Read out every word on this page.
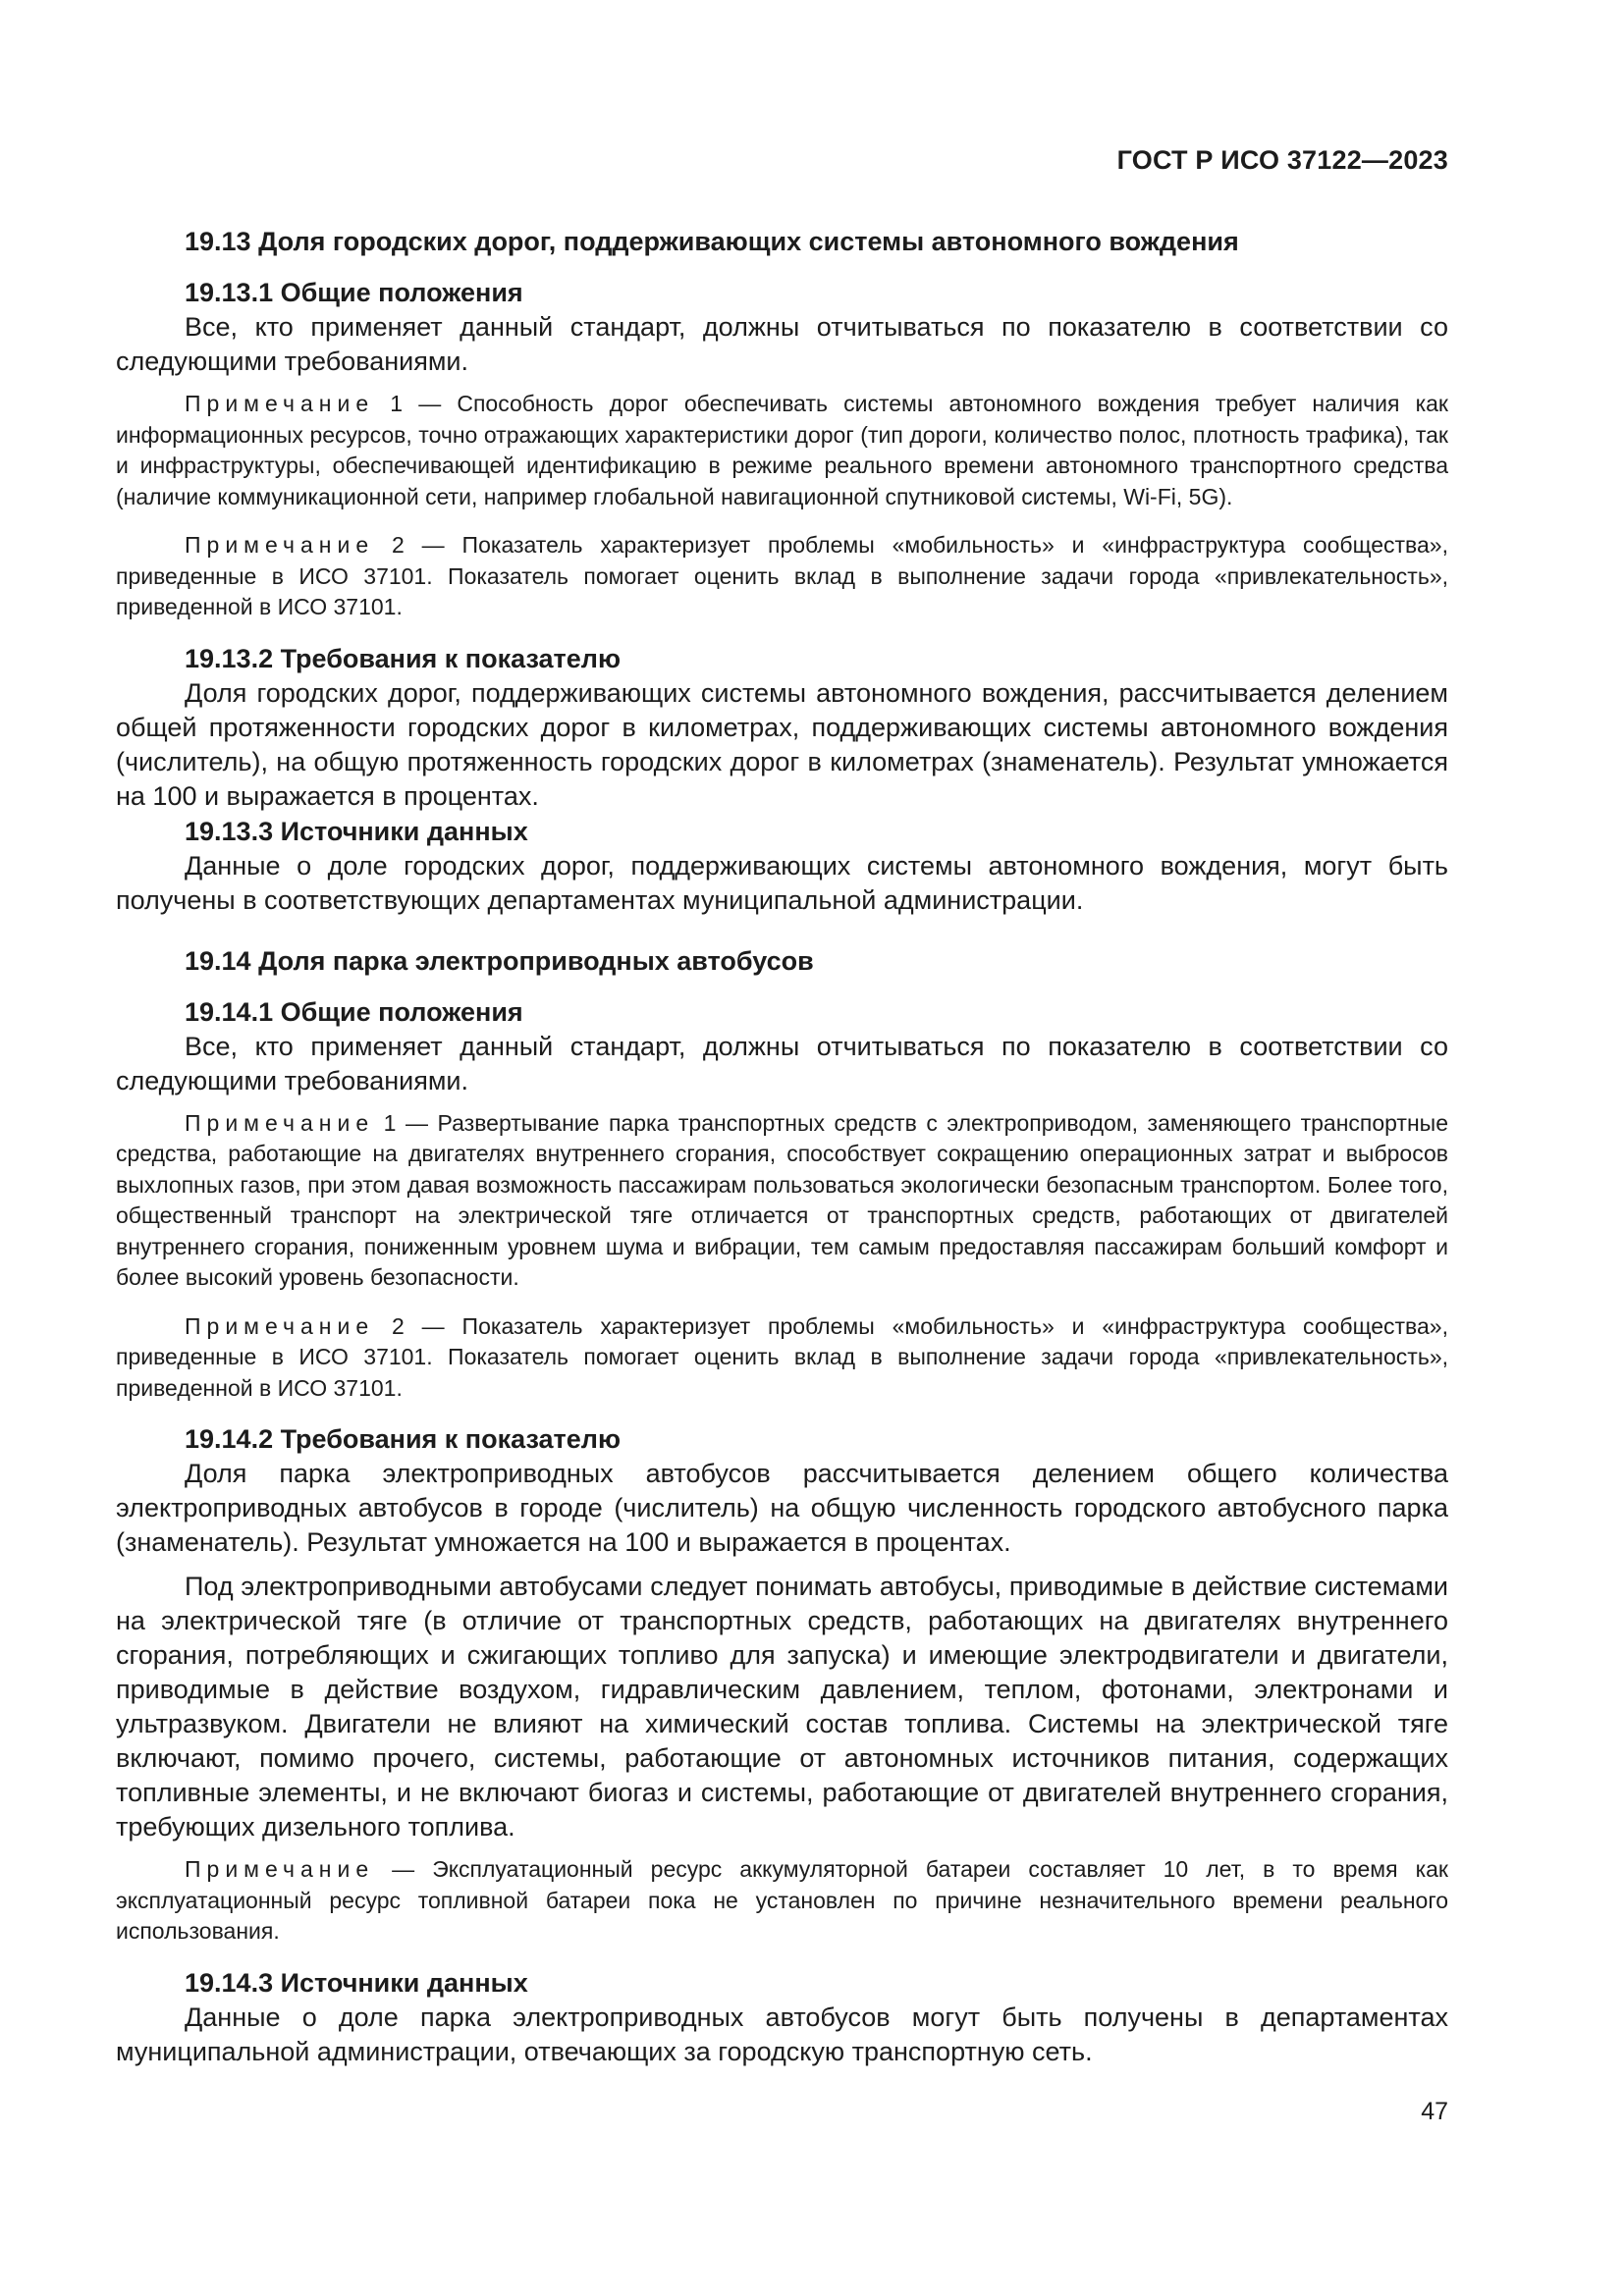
ГОСТ Р ИСО 37122—2023
19.13 Доля городских дорог, поддерживающих системы автономного вождения
19.13.1 Общие положения
Все, кто применяет данный стандарт, должны отчитываться по показателю в соответствии со следующими требованиями.
Примечание 1 — Способность дорог обеспечивать системы автономного вождения требует наличия как информационных ресурсов, точно отражающих характеристики дорог (тип дороги, количество полос, плотность трафика), так и инфраструктуры, обеспечивающей идентификацию в режиме реального времени автономного транспортного средства (наличие коммуникационной сети, например глобальной навигационной спутниковой системы, Wi-Fi, 5G).
Примечание 2 — Показатель характеризует проблемы «мобильность» и «инфраструктура сообщества», приведенные в ИСО 37101. Показатель помогает оценить вклад в выполнение задачи города «привлекательность», приведенной в ИСО 37101.
19.13.2 Требования к показателю
Доля городских дорог, поддерживающих системы автономного вождения, рассчитывается делением общей протяженности городских дорог в километрах, поддерживающих системы автономного вождения (числитель), на общую протяженность городских дорог в километрах (знаменатель). Результат умножается на 100 и выражается в процентах.
19.13.3 Источники данных
Данные о доле городских дорог, поддерживающих системы автономного вождения, могут быть получены в соответствующих департаментах муниципальной администрации.
19.14 Доля парка электроприводных автобусов
19.14.1 Общие положения
Все, кто применяет данный стандарт, должны отчитываться по показателю в соответствии со следующими требованиями.
Примечание 1 — Развертывание парка транспортных средств с электроприводом, заменяющего транспортные средства, работающие на двигателях внутреннего сгорания, способствует сокращению операционных затрат и выбросов выхлопных газов, при этом давая возможность пассажирам пользоваться экологически безопасным транспортом. Более того, общественный транспорт на электрической тяге отличается от транспортных средств, работающих от двигателей внутреннего сгорания, пониженным уровнем шума и вибрации, тем самым предоставляя пассажирам больший комфорт и более высокий уровень безопасности.
Примечание 2 — Показатель характеризует проблемы «мобильность» и «инфраструктура сообщества», приведенные в ИСО 37101. Показатель помогает оценить вклад в выполнение задачи города «привлекательность», приведенной в ИСО 37101.
19.14.2 Требования к показателю
Доля парка электроприводных автобусов рассчитывается делением общего количества электроприводных автобусов в городе (числитель) на общую численность городского автобусного парка (знаменатель). Результат умножается на 100 и выражается в процентах.
Под электроприводными автобусами следует понимать автобусы, приводимые в действие системами на электрической тяге (в отличие от транспортных средств, работающих на двигателях внутреннего сгорания, потребляющих и сжигающих топливо для запуска) и имеющие электродвигатели и двигатели, приводимые в действие воздухом, гидравлическим давлением, теплом, фотонами, электронами и ультразвуком. Двигатели не влияют на химический состав топлива. Системы на электрической тяге включают, помимо прочего, системы, работающие от автономных источников питания, содержащих топливные элементы, и не включают биогаз и системы, работающие от двигателей внутреннего сгорания, требующих дизельного топлива.
Примечание — Эксплуатационный ресурс аккумуляторной батареи составляет 10 лет, в то время как эксплуатационный ресурс топливной батареи пока не установлен по причине незначительного времени реального использования.
19.14.3 Источники данных
Данные о доле парка электроприводных автобусов могут быть получены в департаментах муниципальной администрации, отвечающих за городскую транспортную сеть.
47
